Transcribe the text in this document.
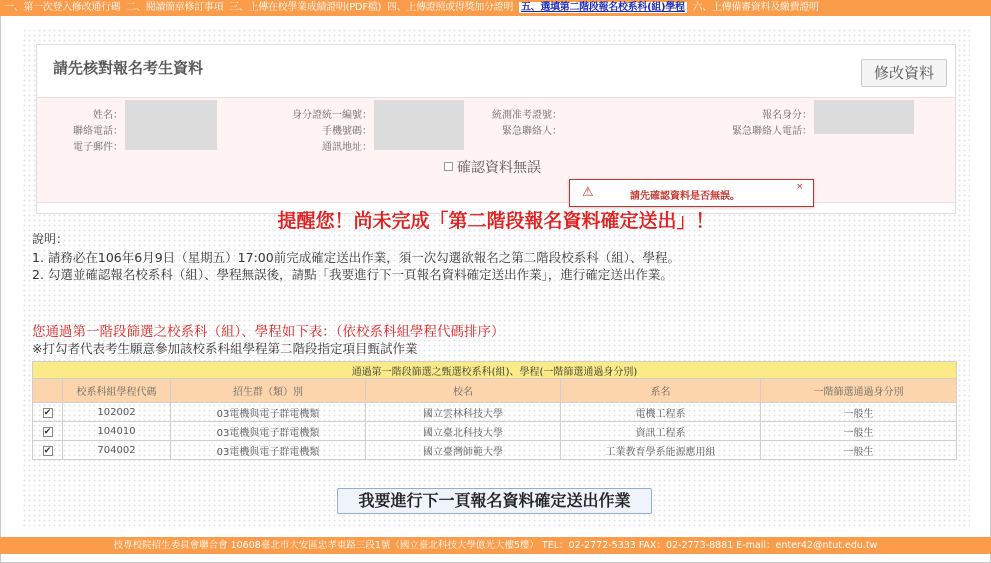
一、第一次登入修改通行碼 二、閱讀簡章修訂事項 三、上傳在校學業成績證明(PDF檔) 四、上傳證照或得獎加分證明 五、選填第二階段報名校系科(組)學程 六、上傳備審資料及繳費證明
請先核對報名考生資料	修改資料
姓名：	身分證統一編號：	統測准考證號：	報名身分：
聯絡電話：	手機號碼：	緊急聯絡人：	緊急聯絡人電話：
電子郵件：	通訊地址：
確認資料無誤
⚠	請先確認資料是否無誤。
×
提醒您！尚未完成「第二階段報名資料確定送出」！
說明：
1. 請務必在106年6月9日（星期五）17:00前完成確定送出作業，須一次勾選欲報名之第二階段校系科（組）、學程。
2. 勾選並確認報名校系科（組）、學程無誤後，請點「我要進行下一頁報名資料確定送出作業」，進行確定送出作業。
您通過第一階段篩選之校系科（組）、學程如下表：（依校系科組學程代碼排序）
※打勾者代表考生願意參加該校系科組學程第二階段指定項目甄試作業
通過第一階段篩選之甄選校系科(組)、學程(一階篩選通過身分別)					
	校系科組學程代碼	招生群（類）別	校名	系名	一階篩選通過身分別
✔	102002	03電機與電子群電機類	國立雲林科技大學	電機工程系	一般生
✔	104010	03電機與電子群電機類	國立臺北科技大學	資訊工程系	一般生
✔	704002	03電機與電子群電機類	國立臺灣師範大學	工業教育學系能源應用組	一般生
我要進行下一頁報名資料確定送出作業
技專校院招生委員會聯合會 10608臺北市大安區忠孝東路三段1號（國立臺北科技大學億光大樓5樓） TEL：02-2772-5333 FAX：02-2773-8881 E-mail：enter42@ntut.edu.tw
